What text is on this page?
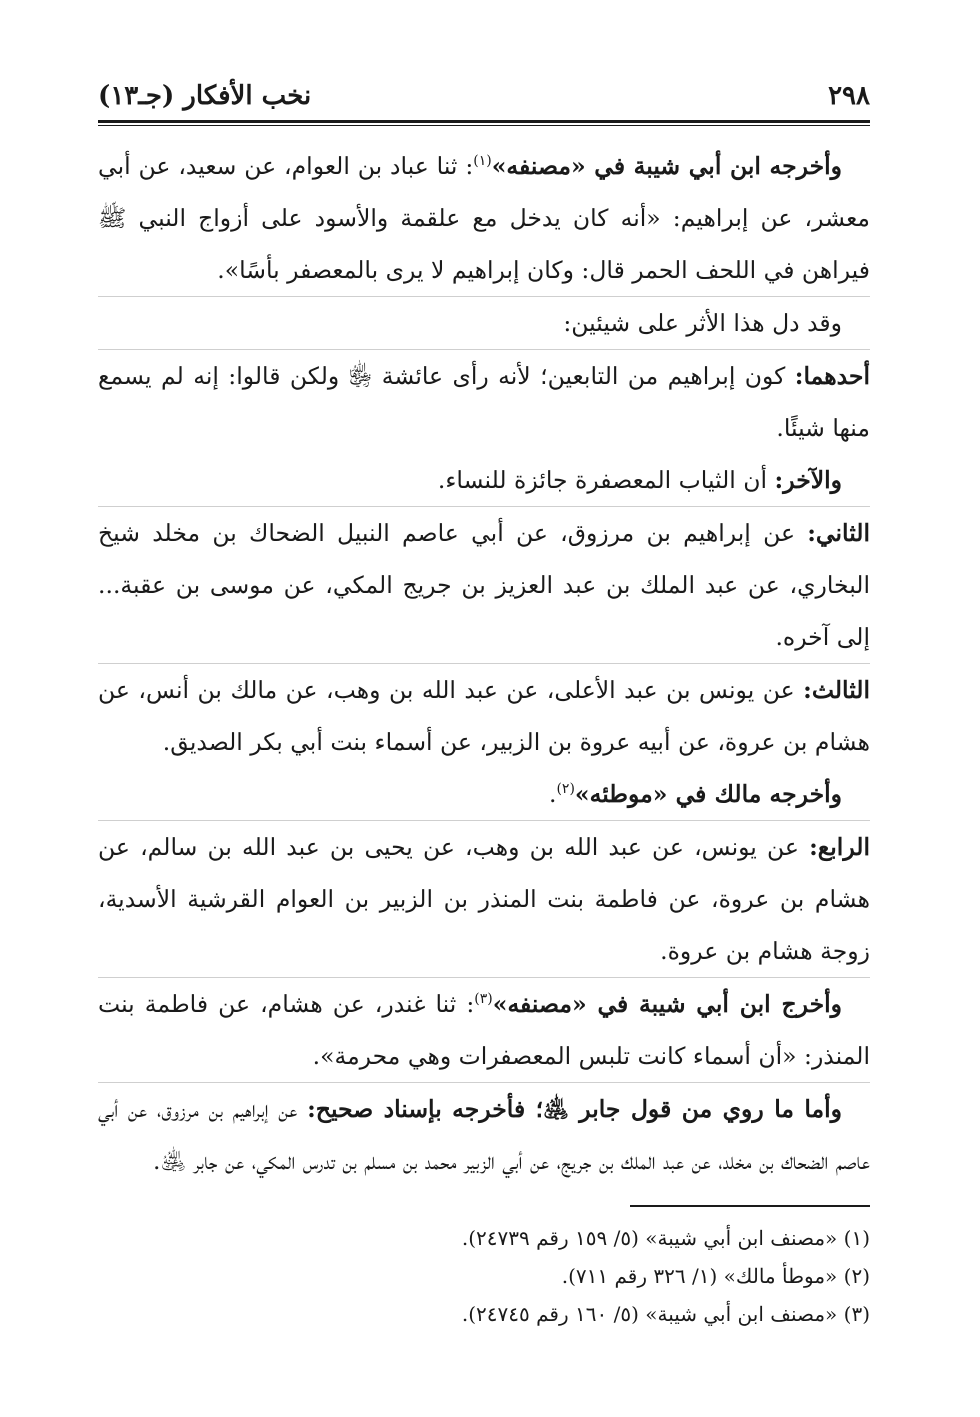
٢٩٨
نخب الأفكار (جـ١٣)

وأخرجه ابن أبي شيبة في «مصنفه»$^{(١)}$: ثنا عباد بن العوام، عن سعيد، عن أبي معشر، عن إبراهيم: «أنه كان يدخل مع علقمة والأسود على أزواج النبي ﷺ فيراهن في اللحف الحمر قال: وكان إبراهيم لا يرى بالمعصفر بأسًا».

وقد دل هذا الأثر على شيئين:

أحدهما: كون إبراهيم من التابعين؛ لأنه رأى عائشة ﵂ ولكن قالوا: إنه لم يسمع منها شيئًا.

والآخر: أن الثياب المعصفرة جائزة للنساء.

الثاني: عن إبراهيم بن مرزوق، عن أبي عاصم النبيل الضحاك بن مخلد شيخ البخاري، عن عبد الملك بن عبد العزيز بن جريج المكي، عن موسى بن عقبة... إلى آخره.

الثالث: عن يونس بن عبد الأعلى، عن عبد الله بن وهب، عن مالك بن أنس، عن هشام بن عروة، عن أبيه عروة بن الزبير، عن أسماء بنت أبي بكر الصديق.

وأخرجه مالك في «موطئه»$^{(٢)}$.

الرابع: عن يونس، عن عبد الله بن وهب، عن يحيى بن عبد الله بن سالم، عن هشام بن عروة، عن فاطمة بنت المنذر بن الزبير بن العوام القرشية الأسدية، زوجة هشام بن عروة.

وأخرج ابن أبي شيبة في «مصنفه»$^{(٣)}$: ثنا غندر، عن هشام، عن فاطمة بنت المنذر: «أن أسماء كانت تلبس المعصفرات وهي محرمة».

وأما ما روي من قول جابر ﵁؛ فأخرجه بإسناد صحيح: عن إبراهيم بن مرزوق، عن أبي عاصم الضحاك بن مخلد، عن عبد الملك بن جريج، عن أبي الزبير محمد بن مسلم بن تدرس المكي، عن جابر ﵁.

(١) «مصنف ابن أبي شيبة» (٥/ ١٥٩ رقم ٢٤٧٣٩).

(٢) «موطأ مالك» (١/ ٣٢٦ رقم ٧١١).

(٣) «مصنف ابن أبي شيبة» (٥/ ١٦٠ رقم ٢٤٧٤٥).
